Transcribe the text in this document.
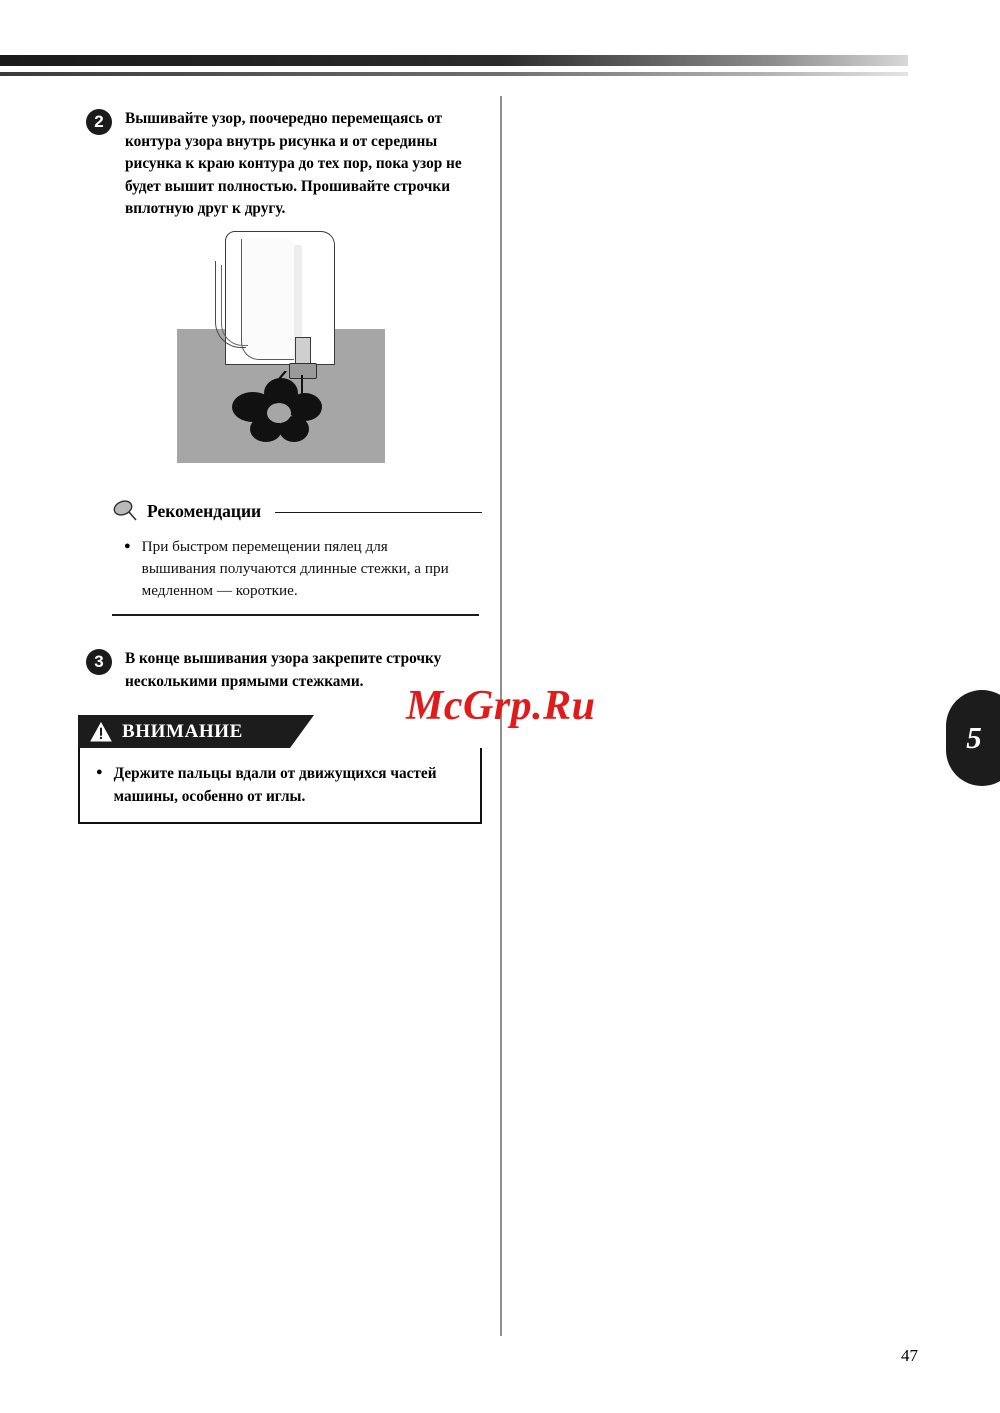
5
2	Вышивайте узор, поочередно перемещаясь от контура узора внутрь рисунка и от середины рисунка к краю контура до тех пор, пока узор не будет вышит полностью. Прошивайте строчки вплотную друг к другу.
Рекомендации
● При быстром перемещении пялец для вышивания получаются длинные стежки, а при медленном — короткие.
3	В конце вышивания узора закрепите строчку несколькими прямыми стежками.
McGrp.Ru
ВНИМАНИЕ
● Держите пальцы вдали от движущихся частей машины, особенно от иглы.
47
